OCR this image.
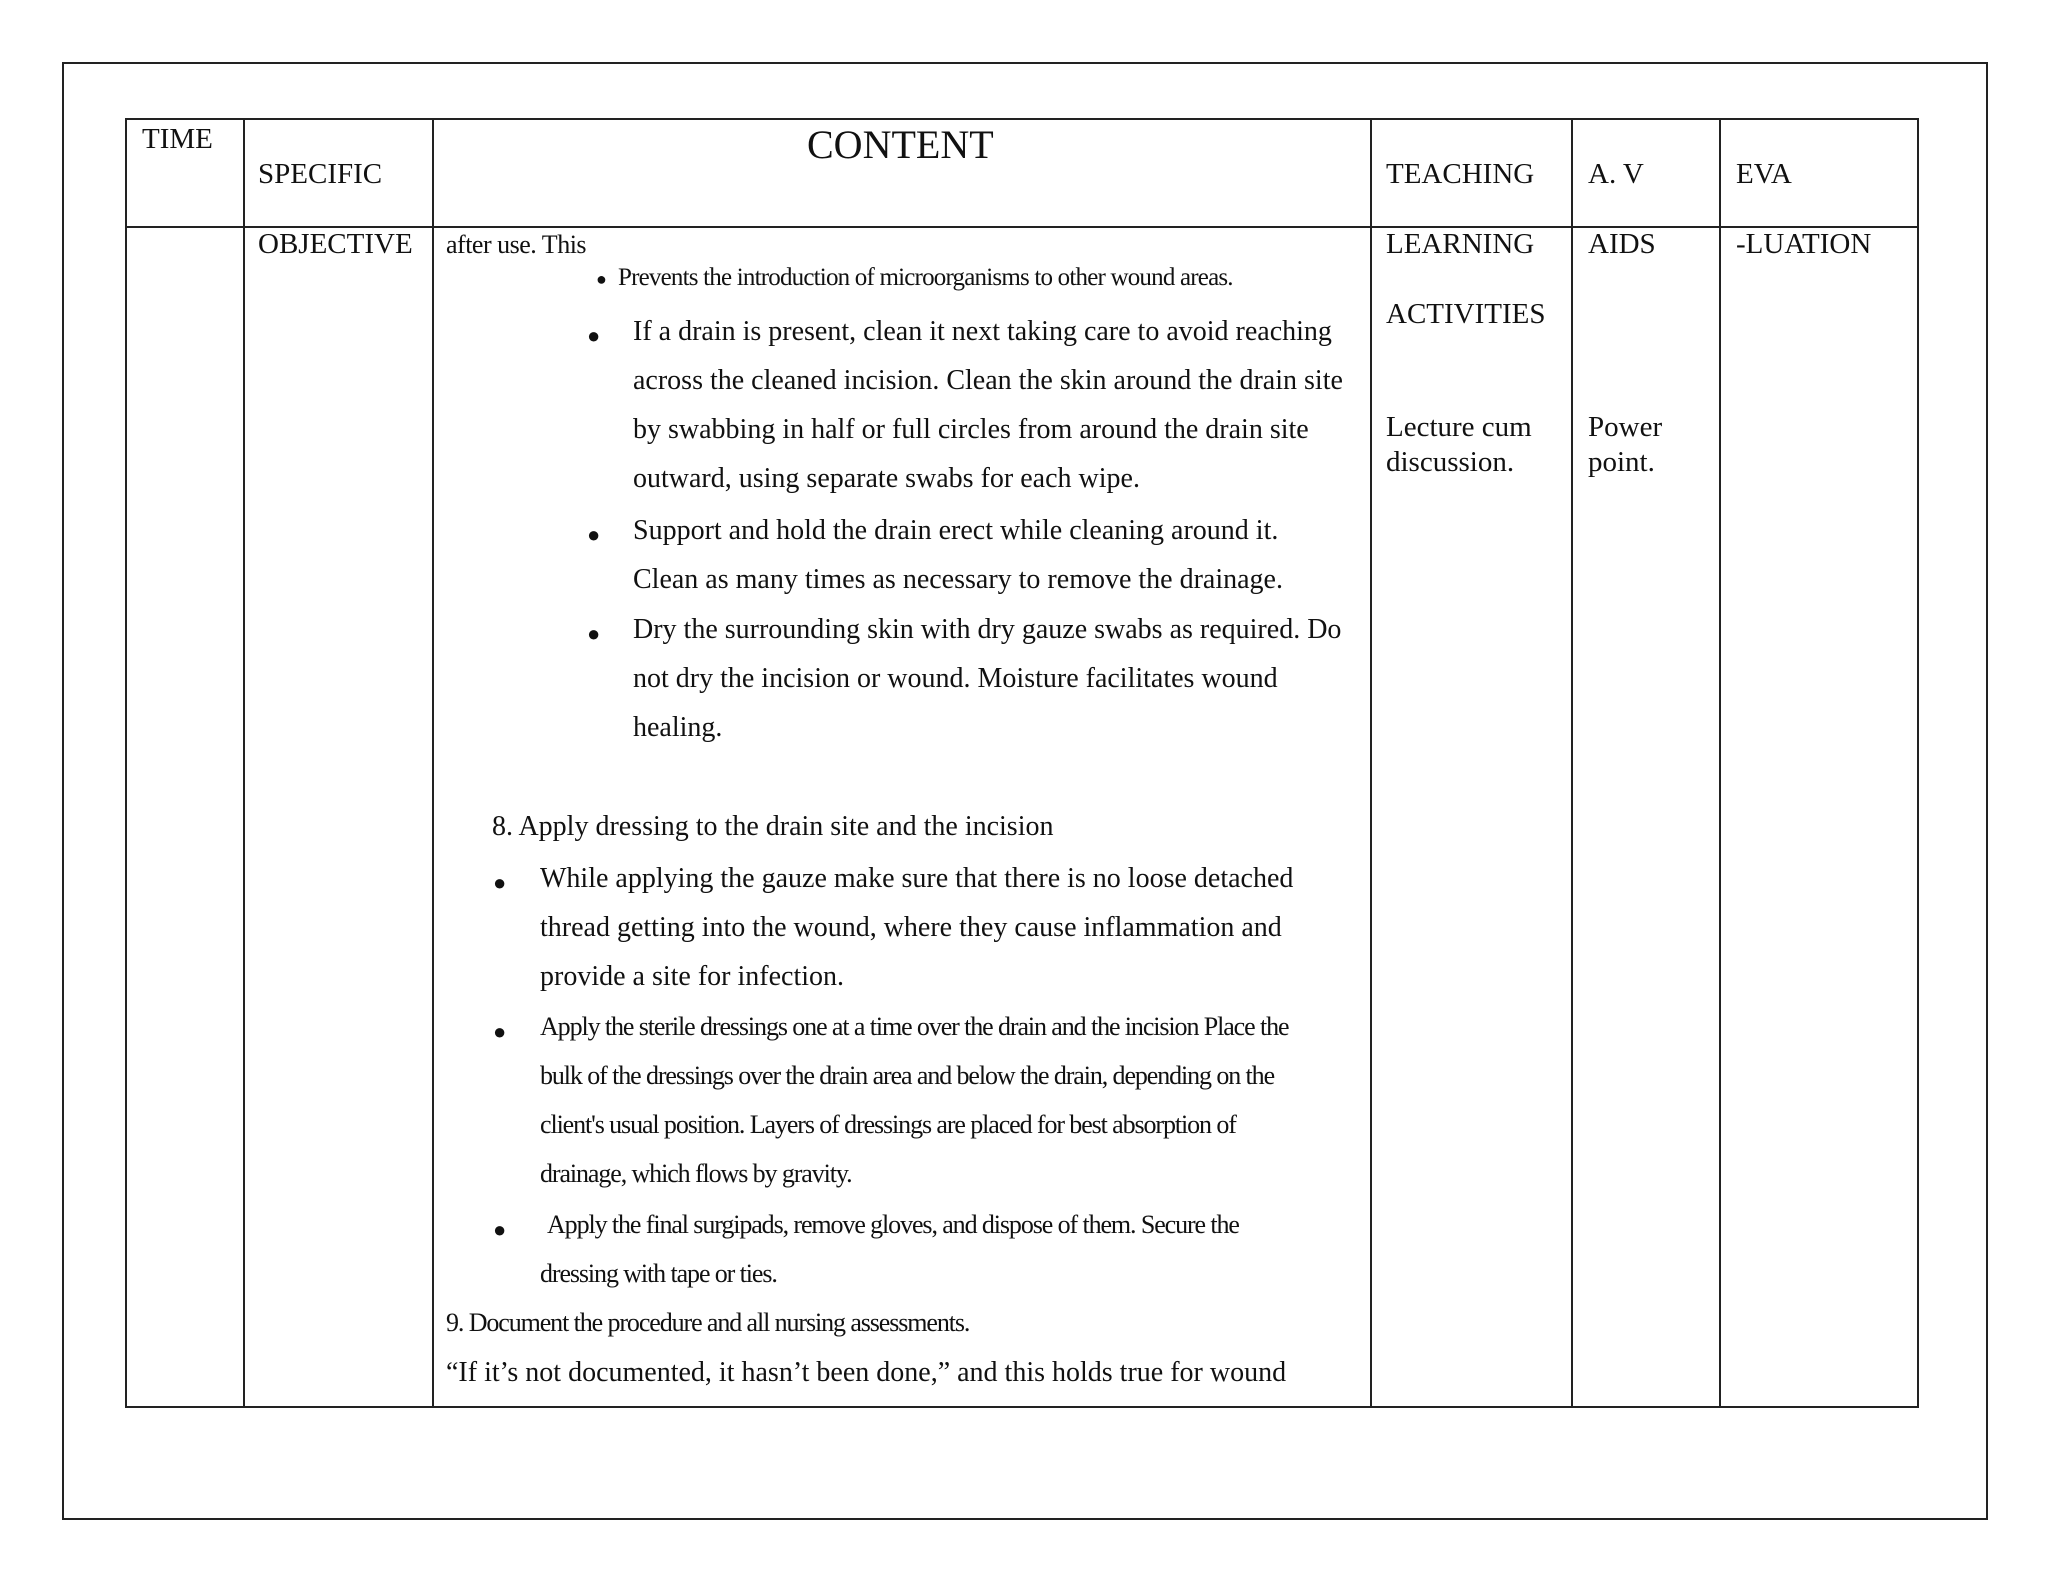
TIME

SPECIFIC

OBJECTIVE

CONTENT

TEACHING

LEARNING

ACTIVITIES

A. V

AIDS

EVA

-LUATION

after use. This
● Prevents the introduction of microorganisms to other wound areas.
● If a drain is present, clean it next taking care to avoid reaching
across the cleaned incision. Clean the skin around the drain site
by swabbing in half or full circles from around the drain site
outward, using separate swabs for each wipe.
● Support and hold the drain erect while cleaning around it.
Clean as many times as necessary to remove the drainage.
● Dry the surrounding skin with dry gauze swabs as required. Do
not dry the incision or wound. Moisture facilitates wound
healing.
8. Apply dressing to the drain site and the incision
● While applying the gauze make sure that there is no loose detached
thread getting into the wound, where they cause inflammation and
provide a site for infection.
● Apply the sterile dressings one at a time over the drain and the incision Place the
bulk of the dressings over the drain area and below the drain, depending on the
client's usual position. Layers of dressings are placed for best absorption of
drainage, which flows by gravity.
● Apply the final surgipads, remove gloves, and dispose of them. Secure the
dressing with tape or ties.
9. Document the procedure and all nursing assessments.
“If it’s not documented, it hasn’t been done,” and this holds true for wound
Lecture cum
discussion.
Power
point.
